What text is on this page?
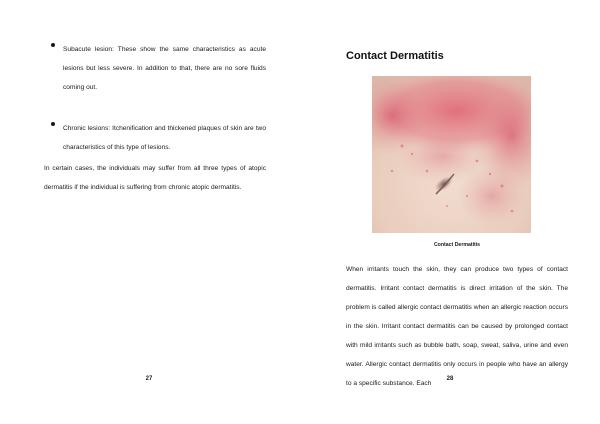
Subacute lesion: These show the same characteristics as acute lesions but less severe. In addition to that, there are no sore fluids coming out.

Chronic lesions: Itchenification and thickened plaques of skin are two characteristics of this type of lesions.

In certain cases, the individuals may suffer from all three types of atopic dermatitis if the individual is suffering from chronic atopic dermatitis.

27
Contact Dermatitis

Contact Dermatitis

When irritants touch the skin, they can produce two types of contact dermatitis. Irritant contact dermatitis is direct irritation of the skin. The problem is called allergic contact dermatitis when an allergic reaction occurs in the skin. Irritant contact dermatitis can be caused by prolonged contact with mild irritants such as bubble bath, soap, sweat, saliva, urine and even water. Allergic contact dermatitis only occurs in people who have an allergy to a specific substance. Each

28
